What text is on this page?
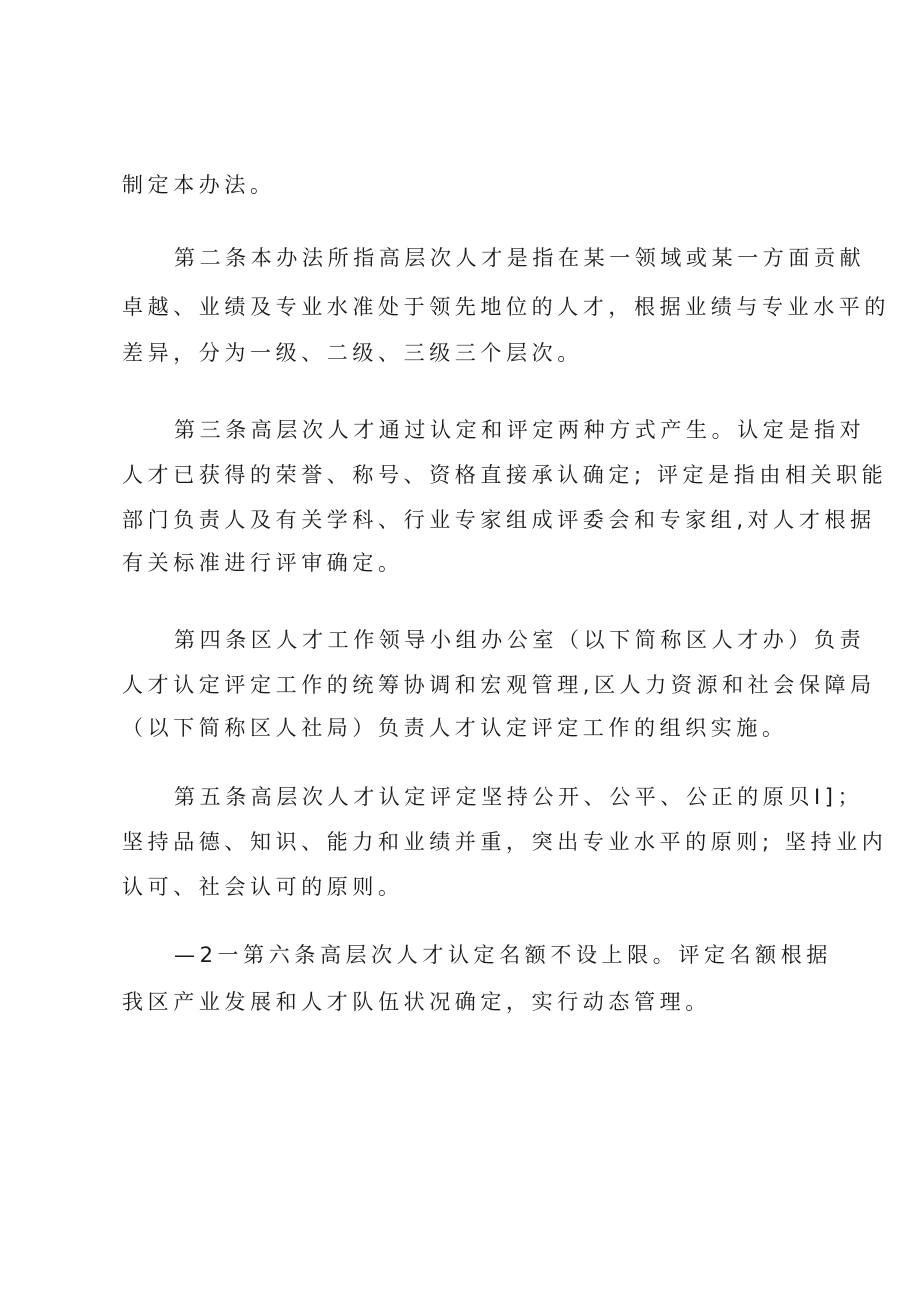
制定本办法。
第二条本办法所指高层次人才是指在某一领域或某一方面贡献
卓越、业绩及专业水准处于领先地位的人才，根据业绩与专业水平的
差异，分为一级、二级、三级三个层次。
第三条高层次人才通过认定和评定两种方式产生。认定是指对
人才已获得的荣誉、称号、资格直接承认确定; 评定是指由相关职能
部门负责人及有关学科、行业专家组成评委会和专家组,对人才根据
有关标准进行评审确定。
第四条区人才工作领导小组办公室（以下简称区人才办）负责
人才认定评定工作的统筹协调和宏观管理,区人力资源和社会保障局
（以下简称区人社局）负责人才认定评定工作的组织实施。
第五条高层次人才认定评定坚持公开、公平、公正的原贝I]；
坚持品德、知识、能力和业绩并重，突出专业水平的原则; 坚持业内
认可、社会认可的原则。
—2一第六条高层次人才认定名额不设上限。评定名额根据
我区产业发展和人才队伍状况确定，实行动态管理。
